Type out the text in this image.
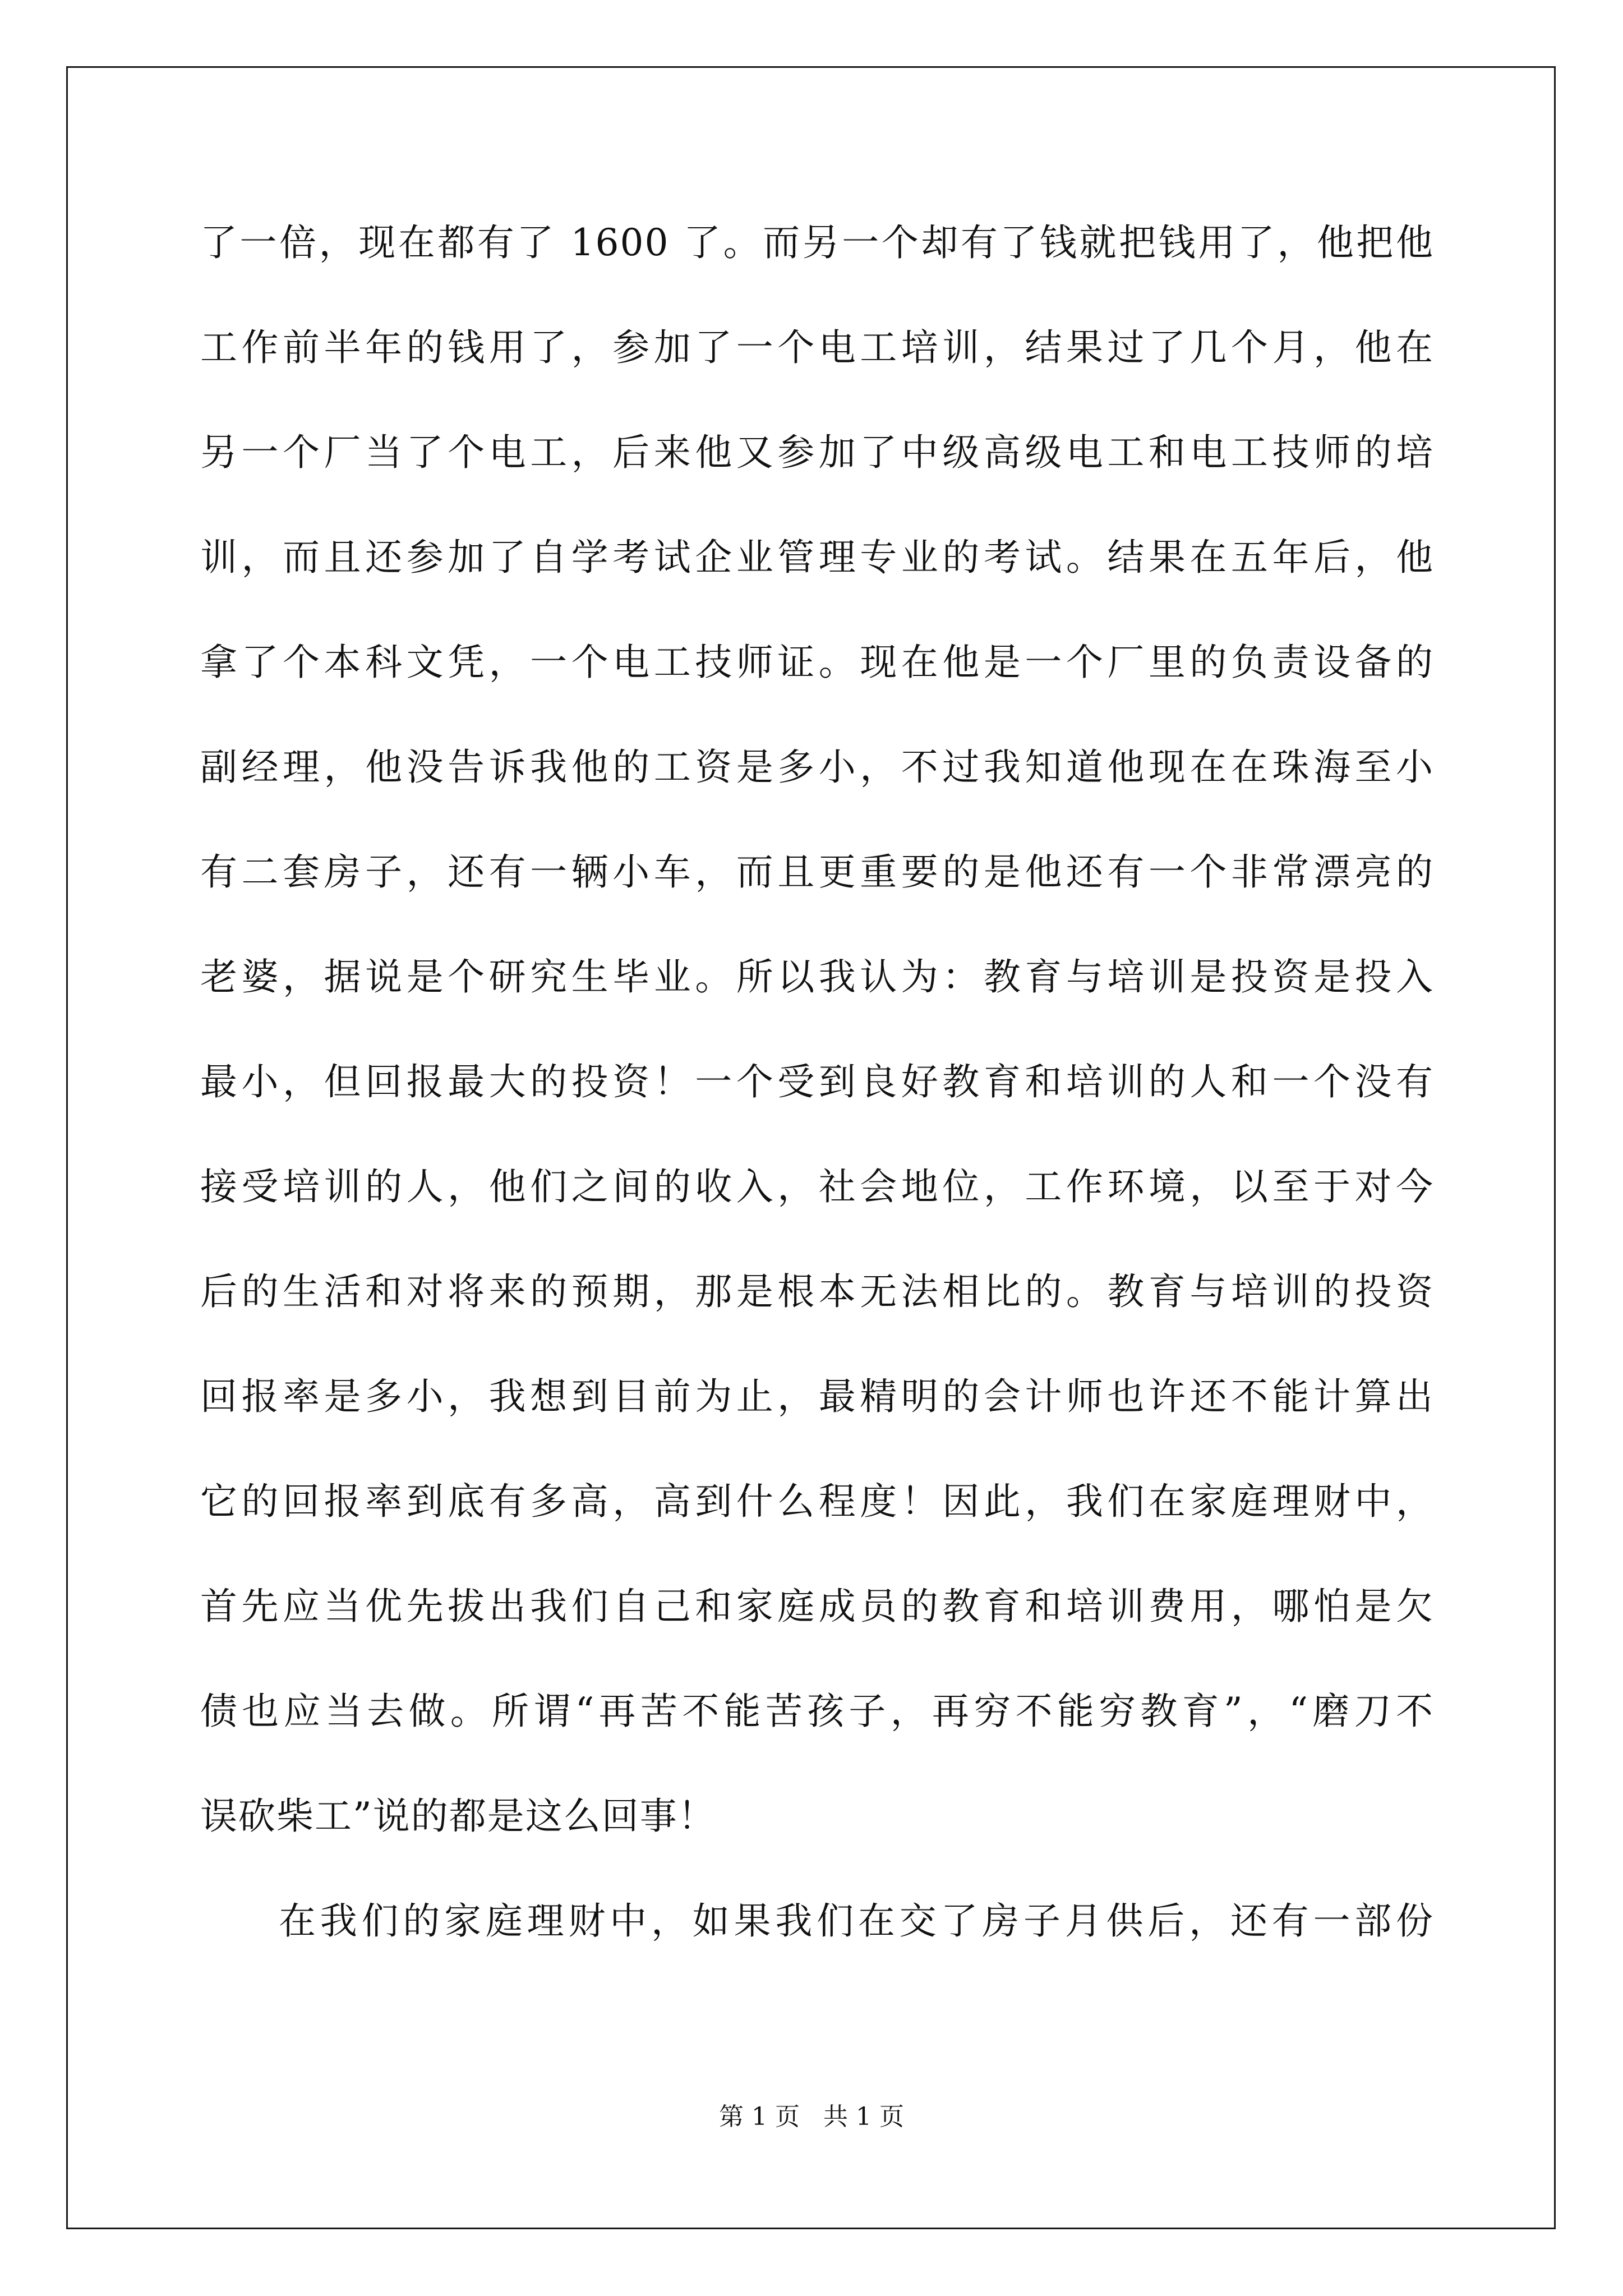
了一倍，现在都有了 1600 了。而另一个却有了钱就把钱用了，他把他
工作前半年的钱用了，参加了一个电工培训，结果过了几个月，他在
另一个厂当了个电工，后来他又参加了中级高级电工和电工技师的培
训，而且还参加了自学考试企业管理专业的考试。结果在五年后，他
拿了个本科文凭，一个电工技师证。现在他是一个厂里的负责设备的
副经理，他没告诉我他的工资是多小，不过我知道他现在在珠海至小
有二套房子，还有一辆小车，而且更重要的是他还有一个非常漂亮的
老婆，据说是个研究生毕业。所以我认为：教育与培训是投资是投入
最小，但回报最大的投资！一个受到良好教育和培训的人和一个没有
接受培训的人，他们之间的收入，社会地位，工作环境，以至于对今
后的生活和对将来的预期，那是根本无法相比的。教育与培训的投资
回报率是多小，我想到目前为止，最精明的会计师也许还不能计算出
它的回报率到底有多高，高到什么程度！因此，我们在家庭理财中，
首先应当优先拔出我们自己和家庭成员的教育和培训费用，哪怕是欠
债也应当去做。所谓“再苦不能苦孩子，再穷不能穷教育”，“磨刀不
误砍柴工”说的都是这么回事！
在我们的家庭理财中，如果我们在交了房子月供后，还有一部份
第 1 页 共 1 页
